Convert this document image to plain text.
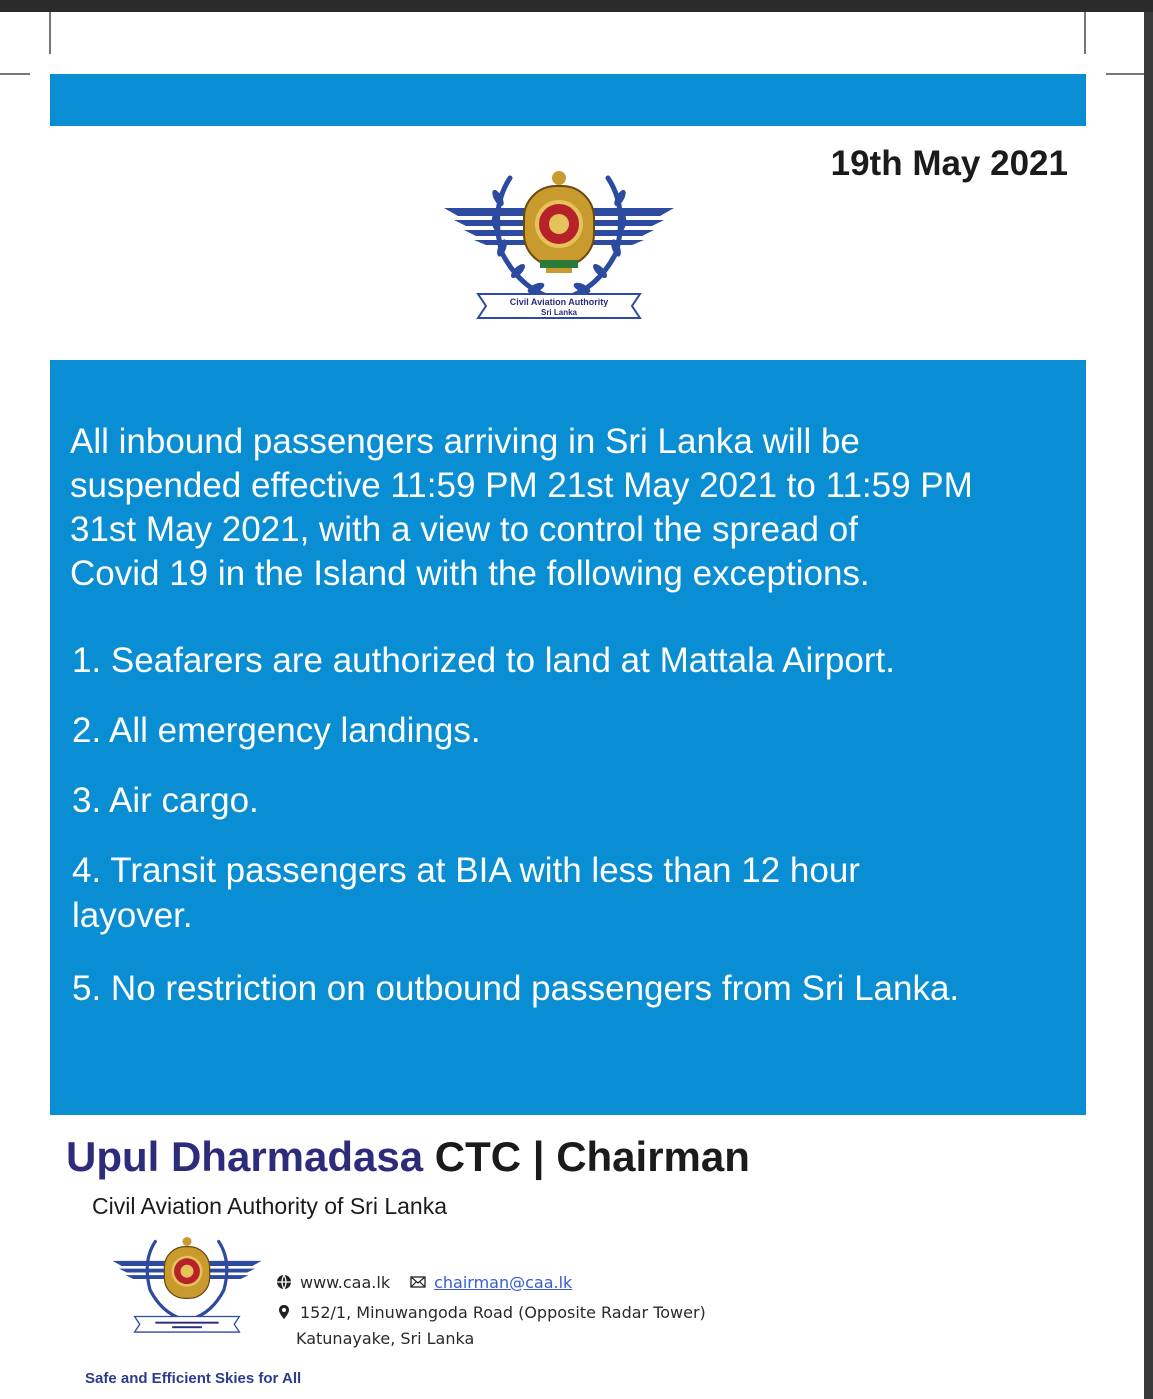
19th May 2021
Civil Aviation Authority
Sri Lanka

All inbound passengers arriving in Sri Lanka will be
suspended effective 11:59 PM 21st May 2021 to 11:59 PM
31st May 2021, with a view to control the spread of
Covid 19 in the Island with the following exceptions.

1. Seafarers are authorized to land at Mattala Airport.

2. All emergency landings.

3. Air cargo.

4. Transit passengers at BIA with less than 12 hour
layover.

5. No restriction on outbound passengers from Sri Lanka.

Upul Dharmadasa CTC | Chairman
Civil Aviation Authority of Sri Lanka
www.caa.lk	chairman@caa.lk
152/1, Minuwangoda Road (Opposite Radar Tower)
Katunayake, Sri Lanka
Safe and Efficient Skies for All
